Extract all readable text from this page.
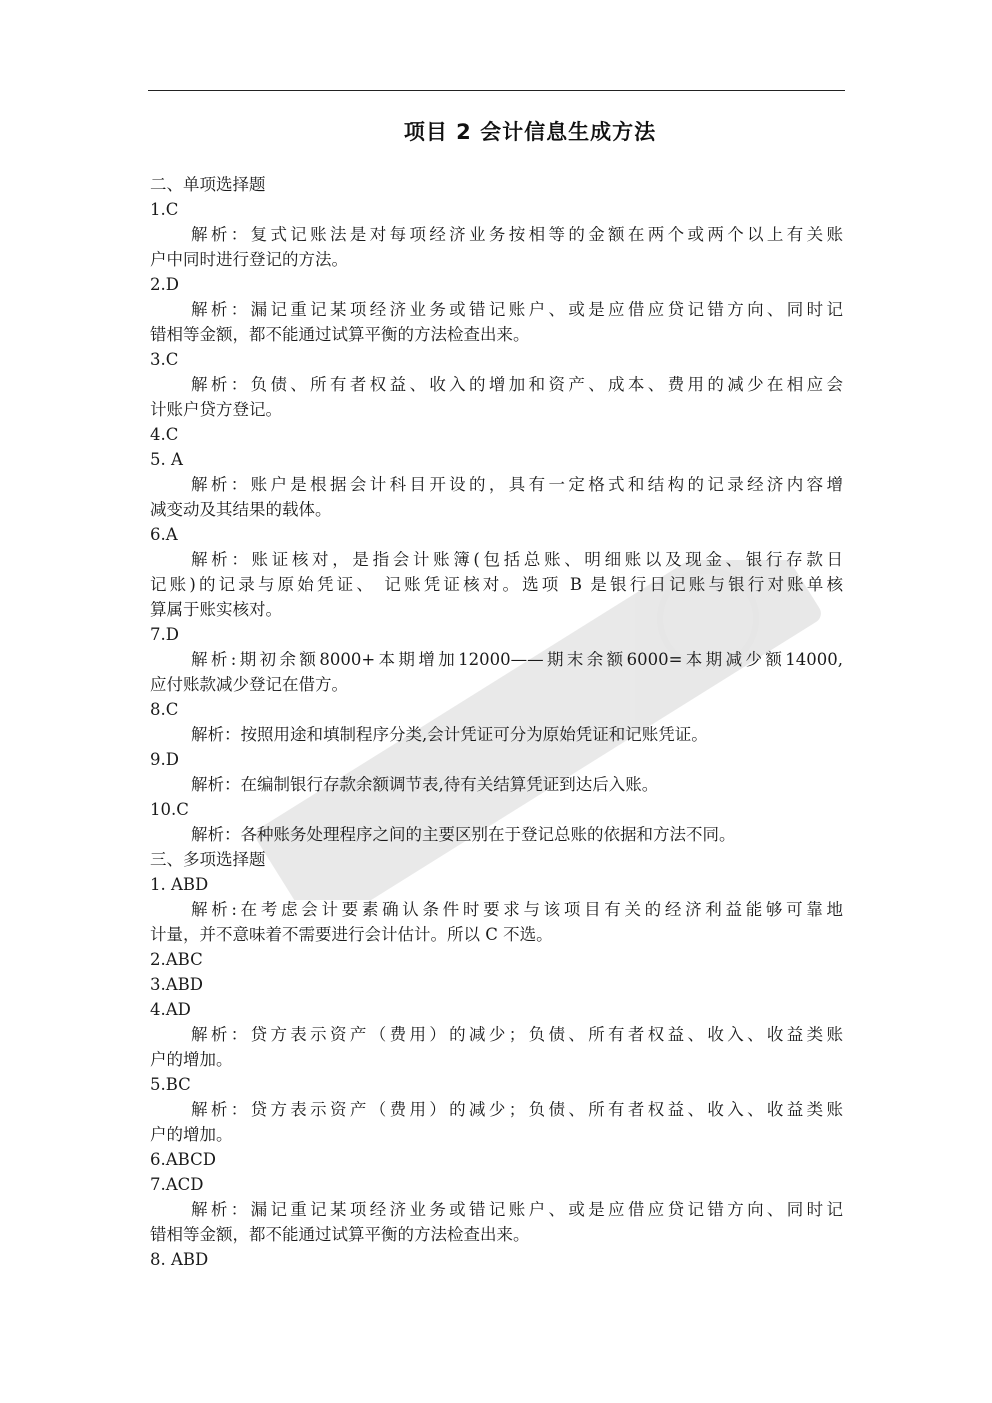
项目 2 会计信息生成方法
二、单项选择题
1.C
解析：复式记账法是对每项经济业务按相等的金额在两个或两个以上有关账
户中同时进行登记的方法。
2.D
解析：漏记重记某项经济业务或错记账户、或是应借应贷记错方向、同时记
错相等金额，都不能通过试算平衡的方法检查出来。
3.C
解析：负债、所有者权益、收入的增加和资产、成本、费用的减少在相应会
计账户贷方登记。
4.C
5. A
解析：账户是根据会计科目开设的，具有一定格式和结构的记录经济内容增
减变动及其结果的载体。
6.A
解析：账证核对，是指会计账簿(包括总账、明细账以及现金、银行存款日
记账)的记录与原始凭证、 记账凭证核对。选项 B 是银行日记账与银行对账单核
算属于账实核对。
7.D
解析:期初余额8000+本期增加12000——期末余额6000=本期减少额14000,
应付账款减少登记在借方。
8.C
解析：按照用途和填制程序分类,会计凭证可分为原始凭证和记账凭证。
9.D
解析：在编制银行存款余额调节表,待有关结算凭证到达后入账。
10.C
解析：各种账务处理程序之间的主要区别在于登记总账的依据和方法不同。
三、多项选择题
1. ABD
解析:在考虑会计要素确认条件时要求与该项目有关的经济利益能够可靠地
计量，并不意味着不需要进行会计估计。所以 C 不选。
2.ABC
3.ABD
4.AD
解析：贷方表示资产（费用）的减少；负债、所有者权益、收入、收益类账
户的增加。
5.BC
解析：贷方表示资产（费用）的减少；负债、所有者权益、收入、收益类账
户的增加。
6.ABCD
7.ACD
解析：漏记重记某项经济业务或错记账户、或是应借应贷记错方向、同时记
错相等金额，都不能通过试算平衡的方法检查出来。
8. ABD
